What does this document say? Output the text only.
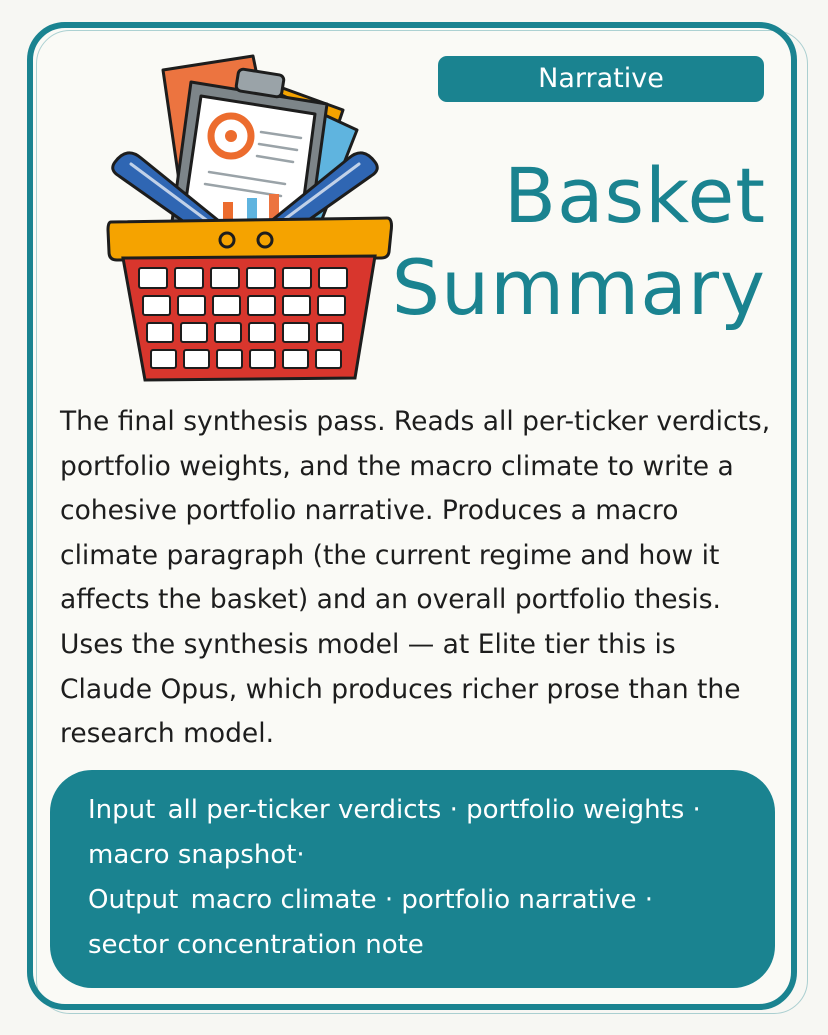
Narrative
Basket
Summary
The final synthesis pass. Reads all per-ticker verdicts, portfolio weights, and the macro climate to write a cohesive portfolio narrative. Produces a macro climate paragraph (the current regime and how it affects the basket) and an overall portfolio thesis. Uses the synthesis model — at Elite tier this is Claude Opus, which produces richer prose than the research model.
Input all per-ticker verdicts · portfolio weights · macro snapshot·
Output macro climate · portfolio narrative · sector concentration note
